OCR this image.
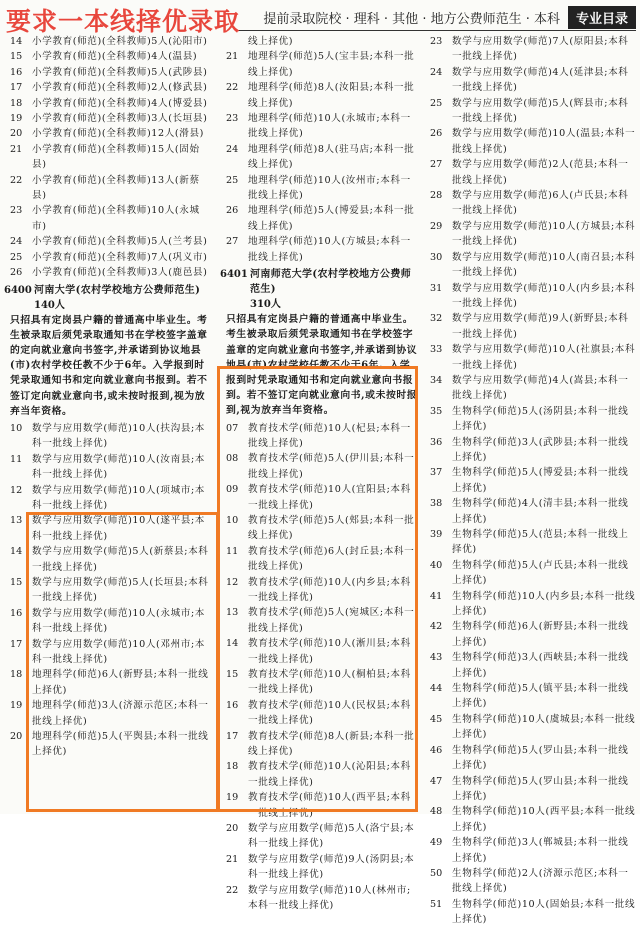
要求一本线择优录取	提前录取院校 · 理科 · 其他 · 地方公费师范生 · 本科	专业目录
14	小学教育(师范)(全科教师)5人(沁阳市)
15	小学教育(师范)(全科教师)4人(温县)
16	小学教育(师范)(全科教师)5人(武陟县)
17	小学教育(师范)(全科教师)2人(修武县)
18	小学教育(师范)(全科教师)4人(博爱县)
19	小学教育(师范)(全科教师)3人(长垣县)
20	小学教育(师范)(全科教师)12人(滑县)
21	小学教育(师范)(全科教师)15人(固始县)
22	小学教育(师范)(全科教师)13人(新蔡县)
23	小学教育(师范)(全科教师)10人(永城市)
24	小学教育(师范)(全科教师)5人(兰考县)
25	小学教育(师范)(全科教师)7人(巩义市)
26	小学教育(师范)(全科教师)3人(鹿邑县)
6400 河南大学(农村学校地方公费师范生)
140人
只招具有定岗县户籍的普通高中毕业生。考生被录取后须凭录取通知书在学校签字盖章的定向就业意向书签字,并承诺到协议地县(市)农村学校任教不少于6年。入学报到时凭录取通知书和定向就业意向书报到。若不签订定向就业意向书,或未按时报到,视为放弃当年资格。
10	数学与应用数学(师范)10人(扶沟县;本科一批线上择优)
11	数学与应用数学(师范)10人(汝南县;本科一批线上择优)
12	数学与应用数学(师范)10人(项城市;本科一批线上择优)
13	数学与应用数学(师范)10人(遂平县;本科一批线上择优)
14	数学与应用数学(师范)5人(新蔡县;本科一批线上择优)
15	数学与应用数学(师范)5人(长垣县;本科一批线上择优)
16	数学与应用数学(师范)10人(永城市;本科一批线上择优)
17	数学与应用数学(师范)10人(邓州市;本科一批线上择优)
18	地理科学(师范)6人(新野县;本科一批线上择优)
19	地理科学(师范)3人(济源示范区;本科一批线上择优)
20	地理科学(师范)5人(平舆县;本科一批线上择优)
线上择优)
21	地理科学(师范)5人(宝丰县;本科一批线上择优)
22	地理科学(师范)8人(汝阳县;本科一批线上择优)
23	地理科学(师范)10人(永城市;本科一批线上择优)
24	地理科学(师范)8人(驻马店;本科一批线上择优)
25	地理科学(师范)10人(汝州市;本科一批线上择优)
26	地理科学(师范)5人(博爱县;本科一批线上择优)
27	地理科学(师范)10人(方城县;本科一批线上择优)
6401 河南师范大学(农村学校地方公费师范生)
310人
只招具有定岗县户籍的普通高中毕业生。考生被录取后须凭录取通知书在学校签字盖章的定向就业意向书签字,并承诺到协议地县(市)农村学校任教不少于6年。入学报到时凭录取通知书和定向就业意向书报到。若不签订定向就业意向书,或未按时报到,视为放弃当年资格。
07	教育技术学(师范)10人(杞县;本科一批线上择优)
08	教育技术学(师范)5人(伊川县;本科一批线上择优)
09	教育技术学(师范)10人(宜阳县;本科一批线上择优)
10	教育技术学(师范)5人(郏县;本科一批线上择优)
11	教育技术学(师范)6人(封丘县;本科一批线上择优)
12	教育技术学(师范)10人(内乡县;本科一批线上择优)
13	教育技术学(师范)5人(宛城区;本科一批线上择优)
14	教育技术学(师范)10人(淅川县;本科一批线上择优)
15	教育技术学(师范)10人(桐柏县;本科一批线上择优)
16	教育技术学(师范)10人(民权县;本科一批线上择优)
17	教育技术学(师范)8人(新县;本科一批线上择优)
18	教育技术学(师范)10人(沁阳县;本科一批线上择优)
19	教育技术学(师范)10人(西平县;本科一批线上择优)
20	数学与应用数学(师范)5人(洛宁县;本科一批线上择优)
21	数学与应用数学(师范)9人(汤阴县;本科一批线上择优)
22	数学与应用数学(师范)10人(林州市;本科一批线上择优)
23	数学与应用数学(师范)7人(原阳县;本科一批线上择优)
24	数学与应用数学(师范)4人(延津县;本科一批线上择优)
25	数学与应用数学(师范)5人(辉县市;本科一批线上择优)
26	数学与应用数学(师范)10人(温县;本科一批线上择优)
27	数学与应用数学(师范)2人(范县;本科一批线上择优)
28	数学与应用数学(师范)6人(卢氏县;本科一批线上择优)
29	数学与应用数学(师范)10人(方城县;本科一批线上择优)
30	数学与应用数学(师范)10人(南召县;本科一批线上择优)
31	数学与应用数学(师范)10人(内乡县;本科一批线上择优)
32	数学与应用数学(师范)9人(新野县;本科一批线上择优)
33	数学与应用数学(师范)10人(社旗县;本科一批线上择优)
34	数学与应用数学(师范)4人(嵩县;本科一批线上择优)
35	生物科学(师范)5人(汤阴县;本科一批线上择优)
36	生物科学(师范)3人(武陟县;本科一批线上择优)
37	生物科学(师范)5人(博爱县;本科一批线上择优)
38	生物科学(师范)4人(清丰县;本科一批线上择优)
39	生物科学(师范)5人(范县;本科一批线上择优)
40	生物科学(师范)5人(卢氏县;本科一批线上择优)
41	生物科学(师范)10人(内乡县;本科一批线上择优)
42	生物科学(师范)6人(新野县;本科一批线上择优)
43	生物科学(师范)3人(西峡县;本科一批线上择优)
44	生物科学(师范)5人(镇平县;本科一批线上择优)
45	生物科学(师范)10人(虞城县;本科一批线上择优)
46	生物科学(师范)5人(罗山县;本科一批线上择优)
47	生物科学(师范)5人(罗山县;本科一批线上择优)
48	生物科学(师范)10人(西平县;本科一批线上择优)
49	生物科学(师范)3人(郸城县;本科一批线上择优)
50	生物科学(师范)2人(济源示范区;本科一批线上择优)
51	生物科学(师范)10人(固始县;本科一批线上择优)
